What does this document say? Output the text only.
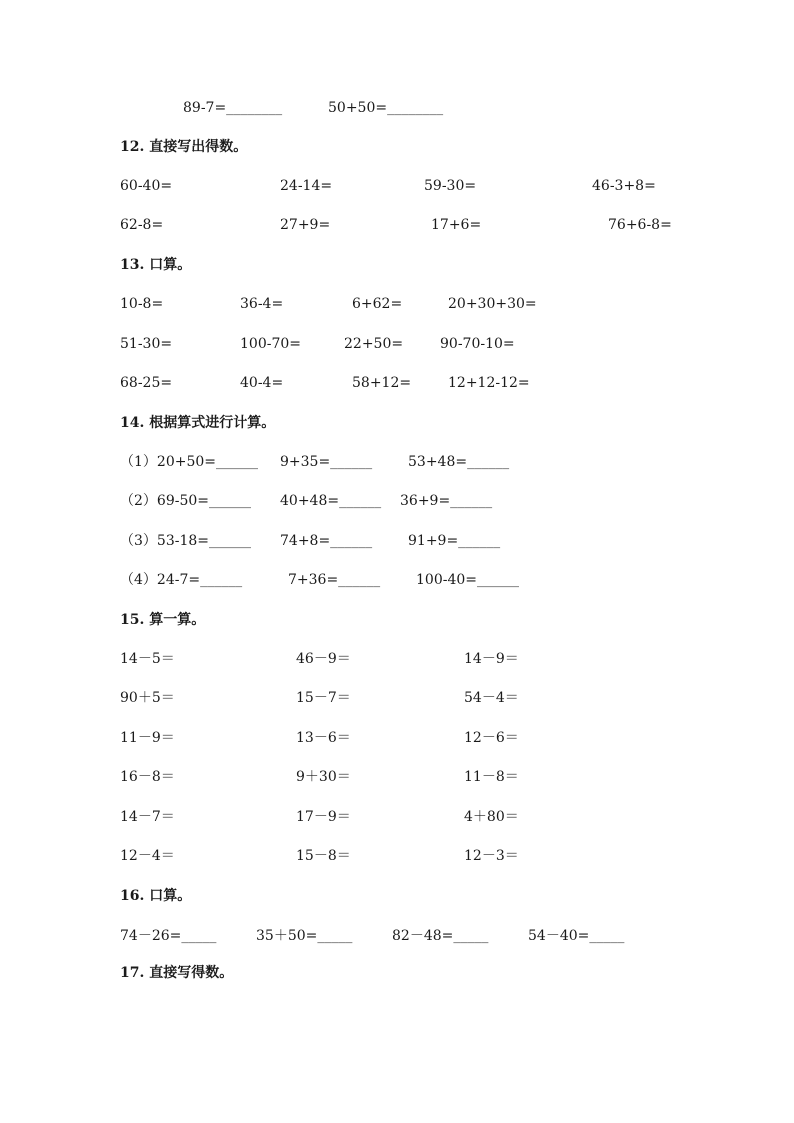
89-7=________	50+50=________
12. 直接写出得数。
60-40=	24-14=	59-30=	46-3+8=
62-8=	27+9=	17+6=	76+6-8=
13. 口算。
10-8=	36-4=	6+62=	20+30+30=
51-30=	100-70=	22+50=	90-70-10=
68-25=	40-4=	58+12=	12+12-12=
14. 根据算式进行计算。
（1）20+50=______ 9+35=______	53+48=______
（2）69-50=______ 40+48=______ 36+9=______
（3）53-18=______ 74+8=______	91+9=______
（4）24-7=______	7+36=______	100-40=______
15. 算一算。
14－5＝	46－9＝	14－9＝
90＋5＝	15－7＝	54－4＝
11－9＝	13－6＝	12－6＝
16－8＝	9＋30＝	11－8＝
14－7＝	17－9＝	4＋80＝
12－4＝	15－8＝	12－3＝
16. 口算。
74－26=_____	35＋50=_____	82－48=_____	54－40=_____
17. 直接写得数。
